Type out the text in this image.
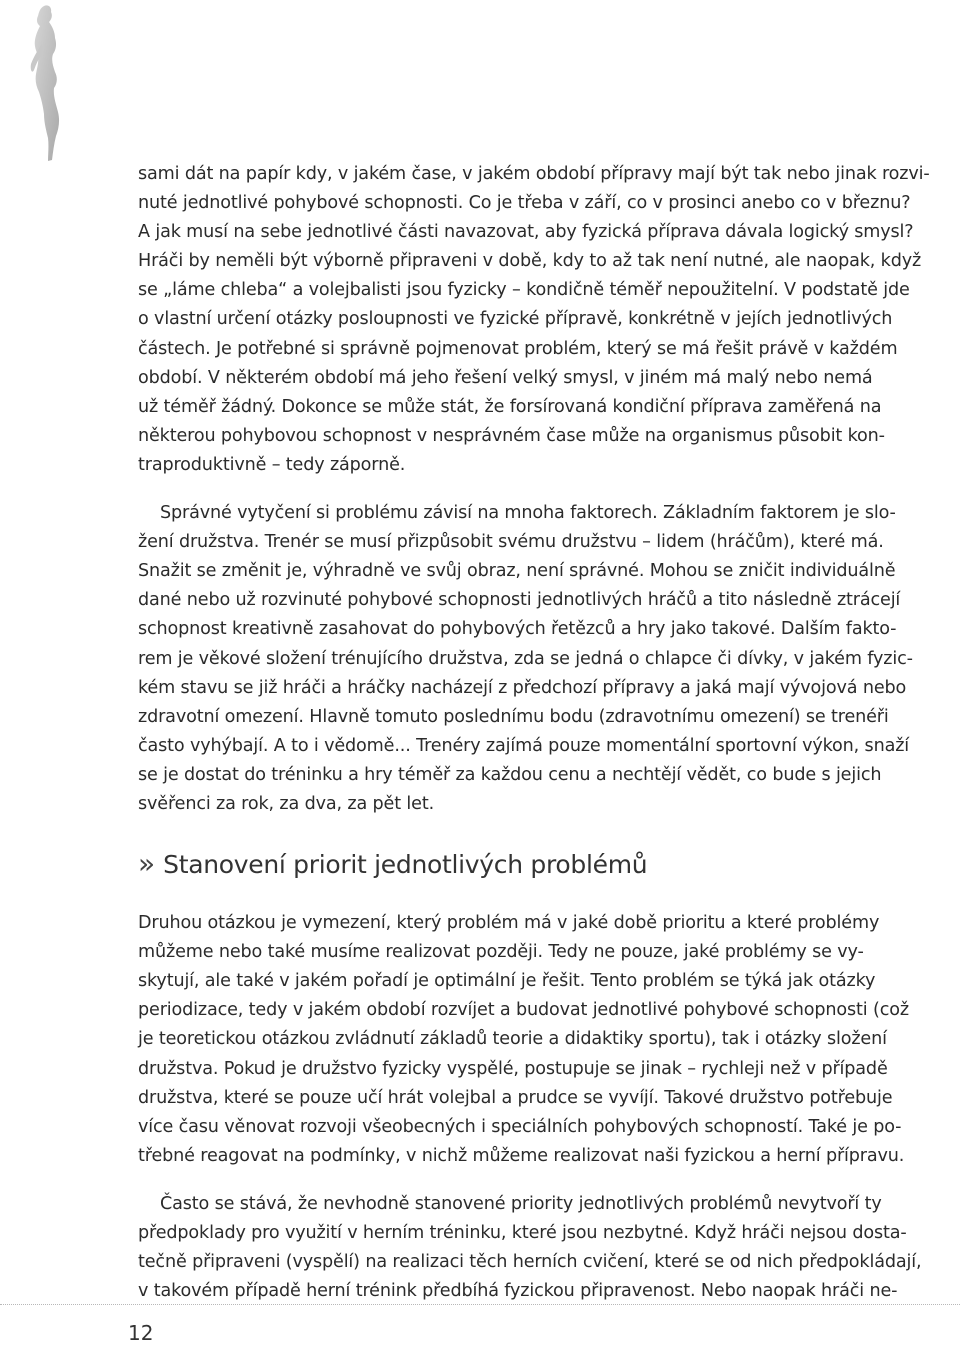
sami dát na papír kdy, v jakém čase, v jakém období přípravy mají být tak nebo jinak rozvi-
nuté jednotlivé pohybové schopnosti. Co je třeba v září, co v prosinci anebo co v březnu?
A jak musí na sebe jednotlivé části navazovat, aby fyzická příprava dávala logický smysl?
Hráči by neměli být výborně připraveni v době, kdy to až tak není nutné, ale naopak, když
se „láme chleba“ a volejbalisti jsou fyzicky – kondičně téměř nepoužitelní. V podstatě jde
o vlastní určení otázky posloupnosti ve fyzické přípravě, konkrétně v jejích jednotlivých
částech. Je potřebné si správně pojmenovat problém, který se má řešit právě v každém
období. V některém období má jeho řešení velký smysl, v jiném má malý nebo nemá
už téměř žádný. Dokonce se může stát, že forsírovaná kondiční příprava zaměřená na
některou pohybovou schopnost v nesprávném čase může na organismus působit kon-
traproduktivně – tedy záporně.
Správné vytyčení si problému závisí na mnoha faktorech. Základním faktorem je slo-
žení družstva. Trenér se musí přizpůsobit svému družstvu – lidem (hráčům), které má.
Snažit se změnit je, výhradně ve svůj obraz, není správné. Mohou se zničit individuálně
dané nebo už rozvinuté pohybové schopnosti jednotlivých hráčů a tito následně ztrácejí
schopnost kreativně zasahovat do pohybových řetězců a hry jako takové. Dalším fakto-
rem je věkové složení trénujícího družstva, zda se jedná o chlapce či dívky, v jakém fyzic-
kém stavu se již hráči a hráčky nacházejí z předchozí přípravy a jaká mají vývojová nebo
zdravotní omezení. Hlavně tomuto poslednímu bodu (zdravotnímu omezení) se trenéři
často vyhýbají. A to i vědomě... Trenéry zajímá pouze momentální sportovní výkon, snaží
se je dostat do tréninku a hry téměř za každou cenu a nechtějí vědět, co bude s jejich
svěřenci za rok, za dva, za pět let.
» Stanovení priorit jednotlivých problémů
Druhou otázkou je vymezení, který problém má v jaké době prioritu a které problémy
můžeme nebo také musíme realizovat později. Tedy ne pouze, jaké problémy se vy-
skytují, ale také v jakém pořadí je optimální je řešit. Tento problém se týká jak otázky
periodizace, tedy v jakém období rozvíjet a budovat jednotlivé pohybové schopnosti (což
je teoretickou otázkou zvládnutí základů teorie a didaktiky sportu), tak i otázky složení
družstva. Pokud je družstvo fyzicky vyspělé, postupuje se jinak – rychleji než v případě
družstva, které se pouze učí hrát volejbal a prudce se vyvíjí. Takové družstvo potřebuje
více času věnovat rozvoji všeobecných i speciálních pohybových schopností. Také je po-
třebné reagovat na podmínky, v nichž můžeme realizovat naši fyzickou a herní přípravu.
Často se stává, že nevhodně stanovené priority jednotlivých problémů nevytvoří ty
předpoklady pro využití v herním tréninku, které jsou nezbytné. Když hráči nejsou dosta-
tečně připraveni (vyspělí) na realizaci těch herních cvičení, které se od nich předpokládají,
v takovém případě herní trénink předbíhá fyzickou připravenost. Nebo naopak hráči ne-
12
